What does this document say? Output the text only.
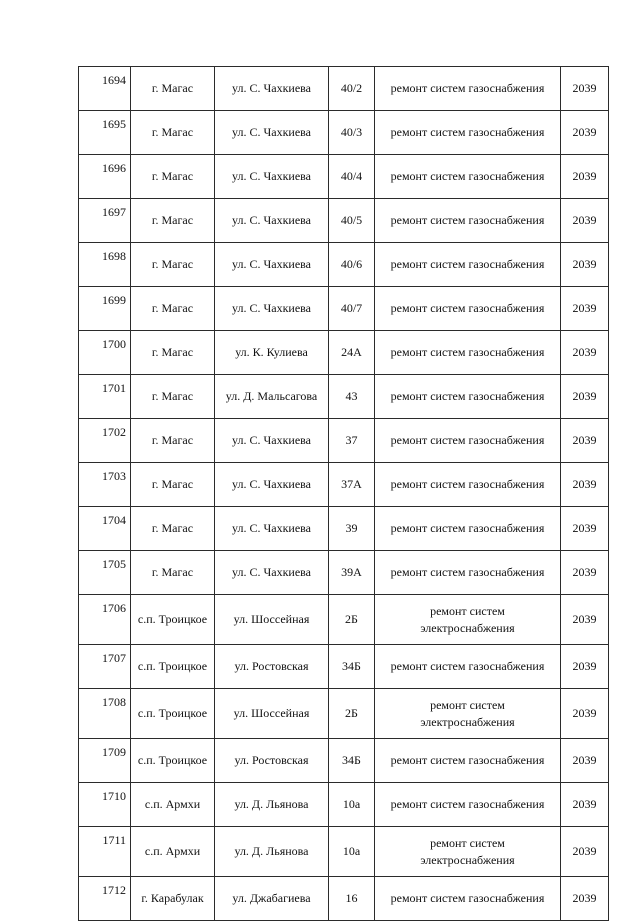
1694	г. Магас	ул. С. Чахкиева	40/2	ремонт систем газоснабжения	2039
1695	г. Магас	ул. С. Чахкиева	40/3	ремонт систем газоснабжения	2039
1696	г. Магас	ул. С. Чахкиева	40/4	ремонт систем газоснабжения	2039
1697	г. Магас	ул. С. Чахкиева	40/5	ремонт систем газоснабжения	2039
1698	г. Магас	ул. С. Чахкиева	40/6	ремонт систем газоснабжения	2039
1699	г. Магас	ул. С. Чахкиева	40/7	ремонт систем газоснабжения	2039
1700	г. Магас	ул. К. Кулиева	24А	ремонт систем газоснабжения	2039
1701	г. Магас	ул. Д. Мальсагова	43	ремонт систем газоснабжения	2039
1702	г. Магас	ул. С. Чахкиева	37	ремонт систем газоснабжения	2039
1703	г. Магас	ул. С. Чахкиева	37А	ремонт систем газоснабжения	2039
1704	г. Магас	ул. С. Чахкиева	39	ремонт систем газоснабжения	2039
1705	г. Магас	ул. С. Чахкиева	39А	ремонт систем газоснабжения	2039
1706	с.п. Троицкое	ул. Шоссейная	2Б	ремонт систем электроснабжения	2039
1707	с.п. Троицкое	ул. Ростовская	34Б	ремонт систем газоснабжения	2039
1708	с.п. Троицкое	ул. Шоссейная	2Б	ремонт систем электроснабжения	2039
1709	с.п. Троицкое	ул. Ростовская	34Б	ремонт систем газоснабжения	2039
1710	с.п. Армхи	ул. Д. Льянова	10а	ремонт систем газоснабжения	2039
1711	с.п. Армхи	ул. Д. Льянова	10а	ремонт систем электроснабжения	2039
1712	г. Карабулак	ул. Джабагиева	16	ремонт систем газоснабжения	2039
